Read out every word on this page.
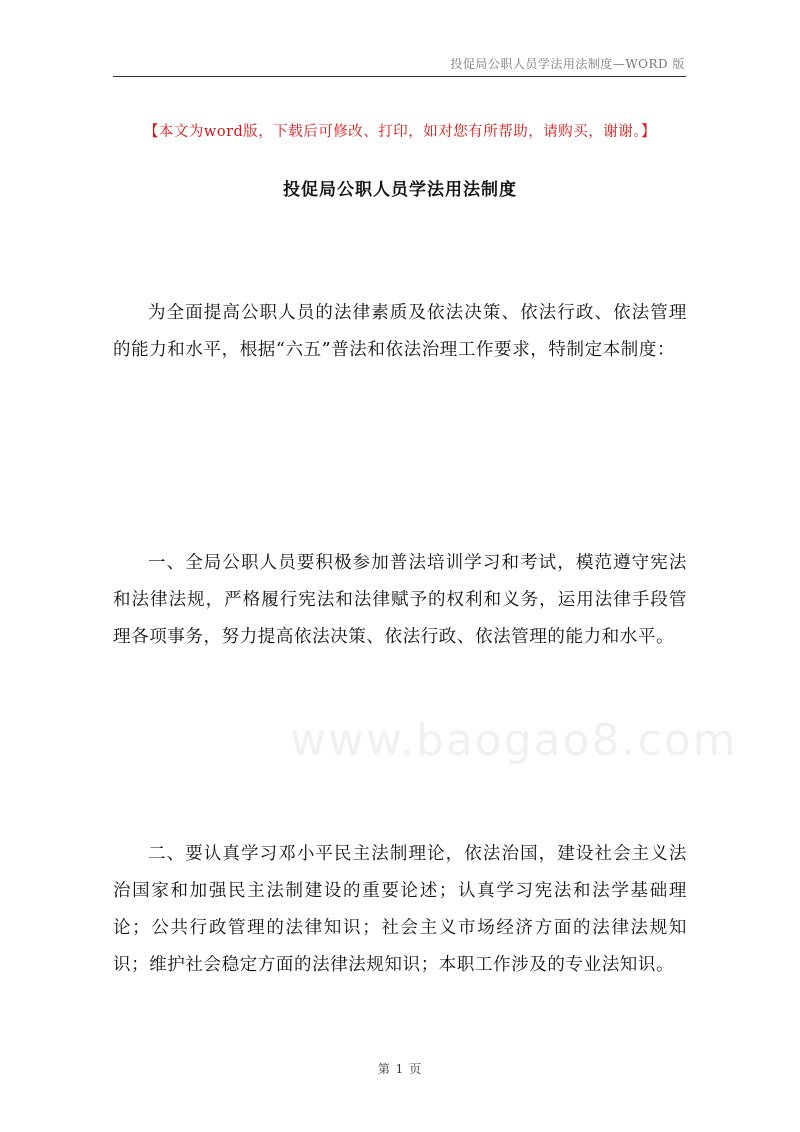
投促局公职人员学法用法制度—WORD 版
【本文为word版，下载后可修改、打印，如对您有所帮助，请购买，谢谢。】
投促局公职人员学法用法制度

为全面提高公职人员的法律素质及依法决策、依法行政、依法管理的能力和水平，根据“六五”普法和依法治理工作要求，特制定本制度：

一、全局公职人员要积极参加普法培训学习和考试，模范遵守宪法和法律法规，严格履行宪法和法律赋予的权利和义务，运用法律手段管理各项事务，努力提高依法决策、依法行政、依法管理的能力和水平。

www.baogao8.com

二、要认真学习邓小平民主法制理论，依法治国，建设社会主义法治国家和加强民主法制建设的重要论述；认真学习宪法和法学基础理论；公共行政管理的法律知识；社会主义市场经济方面的法律法规知识；维护社会稳定方面的法律法规知识；本职工作涉及的专业法知识。

第 1 页
